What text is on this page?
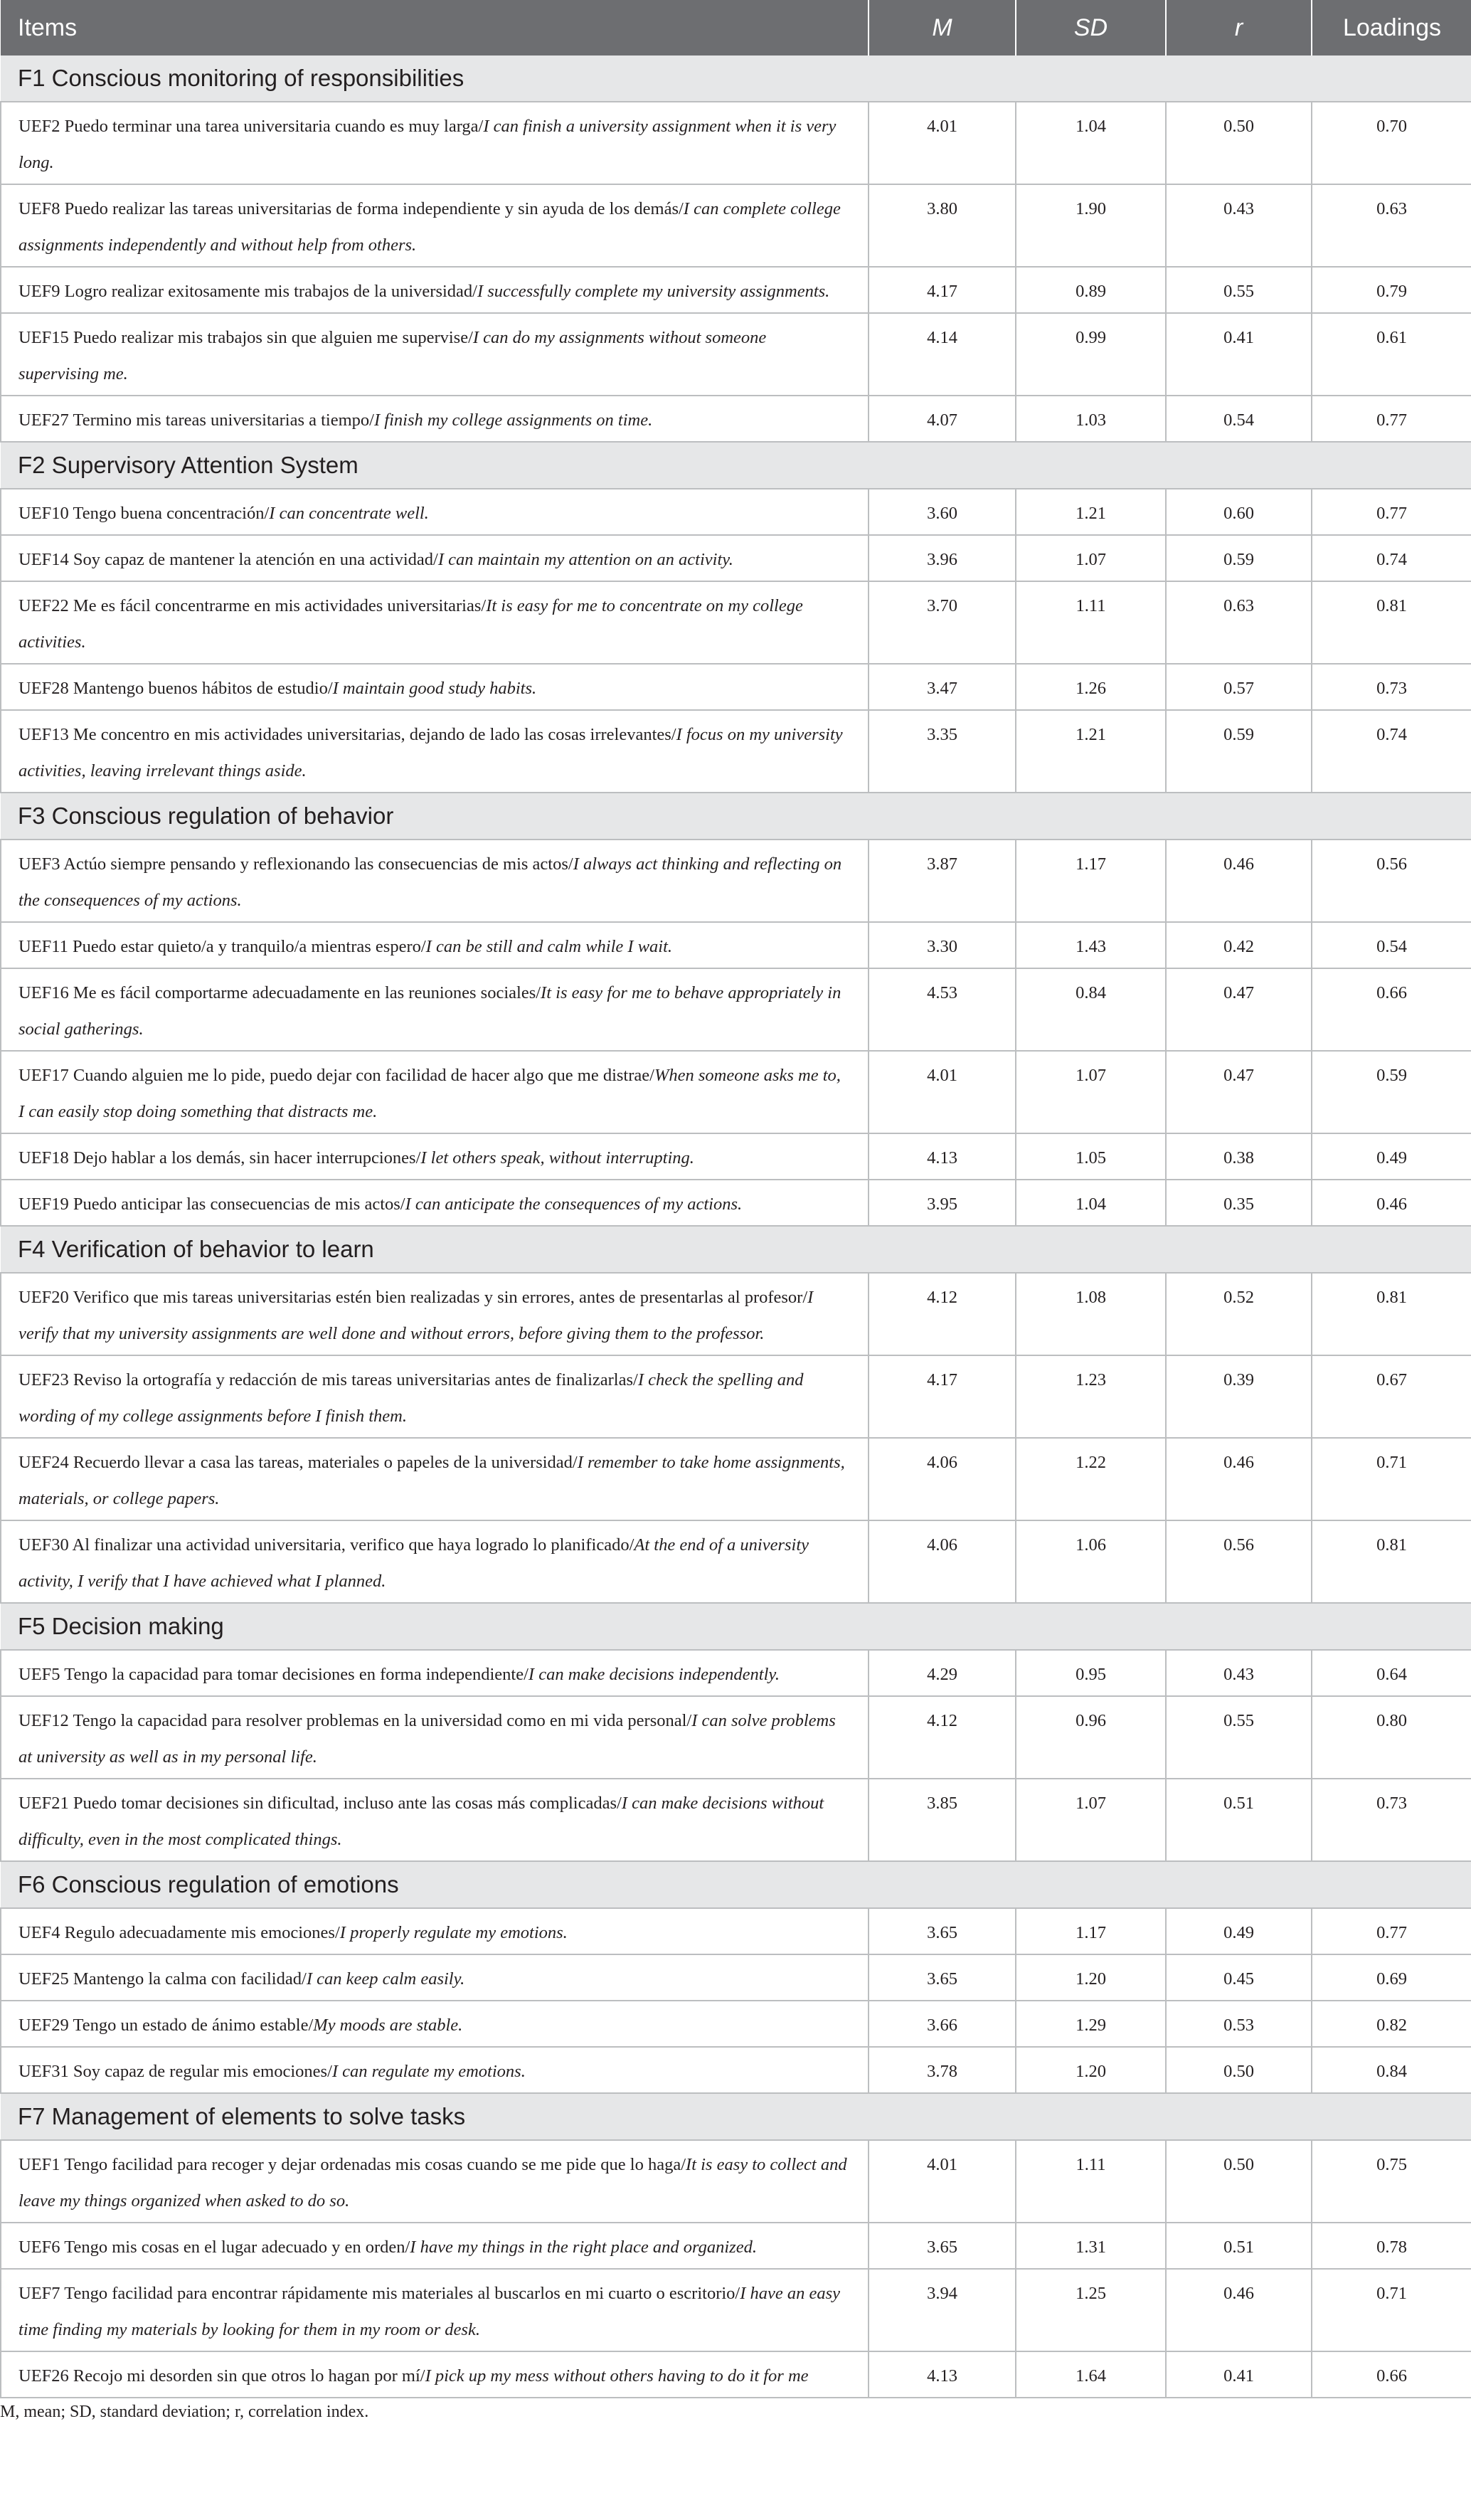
Items	M	SD	r	Loadings
F1 Conscious monitoring of responsibilities				
UEF2 Puedo terminar una tarea universitaria cuando es muy larga/I can finish a university assignment when it is very long.	4.01	1.04	0.50	0.70
UEF8 Puedo realizar las tareas universitarias de forma independiente y sin ayuda de los demás/I can complete college assignments independently and without help from others.	3.80	1.90	0.43	0.63
UEF9 Logro realizar exitosamente mis trabajos de la universidad/I successfully complete my university assignments.	4.17	0.89	0.55	0.79
UEF15 Puedo realizar mis trabajos sin que alguien me supervise/I can do my assignments without someone supervising me.	4.14	0.99	0.41	0.61
UEF27 Termino mis tareas universitarias a tiempo/I finish my college assignments on time.	4.07	1.03	0.54	0.77
F2 Supervisory Attention System				
UEF10 Tengo buena concentración/I can concentrate well.	3.60	1.21	0.60	0.77
UEF14 Soy capaz de mantener la atención en una actividad/I can maintain my attention on an activity.	3.96	1.07	0.59	0.74
UEF22 Me es fácil concentrarme en mis actividades universitarias/It is easy for me to concentrate on my college activities.	3.70	1.11	0.63	0.81
UEF28 Mantengo buenos hábitos de estudio/I maintain good study habits.	3.47	1.26	0.57	0.73
UEF13 Me concentro en mis actividades universitarias, dejando de lado las cosas irrelevantes/I focus on my university activities, leaving irrelevant things aside.	3.35	1.21	0.59	0.74
F3 Conscious regulation of behavior				
UEF3 Actúo siempre pensando y reflexionando las consecuencias de mis actos/I always act thinking and reflecting on the consequences of my actions.	3.87	1.17	0.46	0.56
UEF11 Puedo estar quieto/a y tranquilo/a mientras espero/I can be still and calm while I wait.	3.30	1.43	0.42	0.54
UEF16 Me es fácil comportarme adecuadamente en las reuniones sociales/It is easy for me to behave appropriately in social gatherings.	4.53	0.84	0.47	0.66
UEF17 Cuando alguien me lo pide, puedo dejar con facilidad de hacer algo que me distrae/When someone asks me to, I can easily stop doing something that distracts me.	4.01	1.07	0.47	0.59
UEF18 Dejo hablar a los demás, sin hacer interrupciones/I let others speak, without interrupting.	4.13	1.05	0.38	0.49
UEF19 Puedo anticipar las consecuencias de mis actos/I can anticipate the consequences of my actions.	3.95	1.04	0.35	0.46
F4 Verification of behavior to learn				
UEF20 Verifico que mis tareas universitarias estén bien realizadas y sin errores, antes de presentarlas al profesor/I verify that my university assignments are well done and without errors, before giving them to the professor.	4.12	1.08	0.52	0.81
UEF23 Reviso la ortografía y redacción de mis tareas universitarias antes de finalizarlas/I check the spelling and wording of my college assignments before I finish them.	4.17	1.23	0.39	0.67
UEF24 Recuerdo llevar a casa las tareas, materiales o papeles de la universidad/I remember to take home assignments, materials, or college papers.	4.06	1.22	0.46	0.71
UEF30 Al finalizar una actividad universitaria, verifico que haya logrado lo planificado/At the end of a university activity, I verify that I have achieved what I planned.	4.06	1.06	0.56	0.81
F5 Decision making				
UEF5 Tengo la capacidad para tomar decisiones en forma independiente/I can make decisions independently.	4.29	0.95	0.43	0.64
UEF12 Tengo la capacidad para resolver problemas en la universidad como en mi vida personal/I can solve problems at university as well as in my personal life.	4.12	0.96	0.55	0.80
UEF21 Puedo tomar decisiones sin dificultad, incluso ante las cosas más complicadas/I can make decisions without difficulty, even in the most complicated things.	3.85	1.07	0.51	0.73
F6 Conscious regulation of emotions				
UEF4 Regulo adecuadamente mis emociones/I properly regulate my emotions.	3.65	1.17	0.49	0.77
UEF25 Mantengo la calma con facilidad/I can keep calm easily.	3.65	1.20	0.45	0.69
UEF29 Tengo un estado de ánimo estable/My moods are stable.	3.66	1.29	0.53	0.82
UEF31 Soy capaz de regular mis emociones/I can regulate my emotions.	3.78	1.20	0.50	0.84
F7 Management of elements to solve tasks				
UEF1 Tengo facilidad para recoger y dejar ordenadas mis cosas cuando se me pide que lo haga/It is easy to collect and leave my things organized when asked to do so.	4.01	1.11	0.50	0.75
UEF6 Tengo mis cosas en el lugar adecuado y en orden/I have my things in the right place and organized.	3.65	1.31	0.51	0.78
UEF7 Tengo facilidad para encontrar rápidamente mis materiales al buscarlos en mi cuarto o escritorio/I have an easy time finding my materials by looking for them in my room or desk.	3.94	1.25	0.46	0.71
UEF26 Recojo mi desorden sin que otros lo hagan por mí/I pick up my mess without others having to do it for me	4.13	1.64	0.41	0.66
M, mean; SD, standard deviation; r, correlation index.
